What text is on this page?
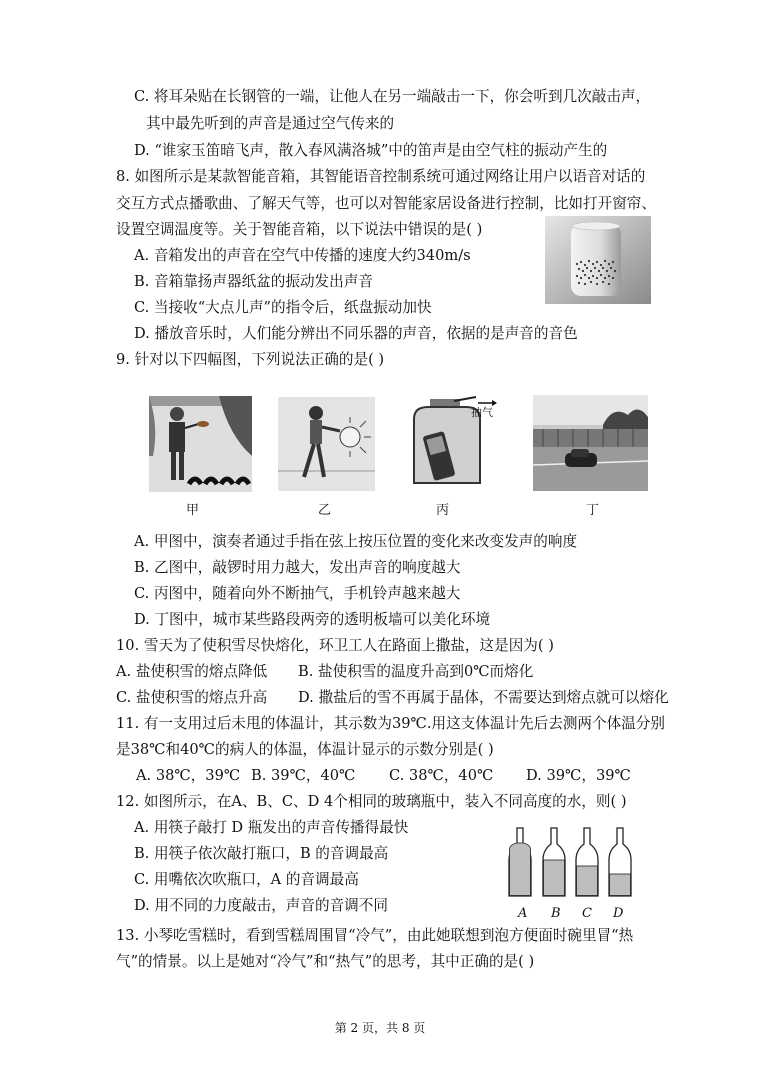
C. 将耳朵贴在长钢管的一端，让他人在另一端敲击一下，你会听到几次敲击声，
其中最先听到的声音是通过空气传来的
D. “谁家玉笛暗飞声，散入春风满洛城”中的笛声是由空气柱的振动产生的
8. 如图所示是某款智能音箱，其智能语音控制系统可通过网络让用户以语音对话的
交互方式点播歌曲、了解天气等，也可以对智能家居设备进行控制，比如打开窗帘、
设置空调温度等。关于智能音箱，以下说法中错误的是( )
A. 音箱发出的声音在空气中传播的速度大约340m/s
B. 音箱靠扬声器纸盆的振动发出声音
C. 当接收“大点儿声”的指令后，纸盘振动加快
D. 播放音乐时，人们能分辨出不同乐器的声音，依据的是声音的音色
9. 针对以下四幅图，下列说法正确的是( )
甲	乙
抽气
丙	丁
A. 甲图中，演奏者通过手指在弦上按压位置的变化来改变发声的响度
B. 乙图中，敲锣时用力越大，发出声音的响度越大
C. 丙图中，随着向外不断抽气，手机铃声越来越大
D. 丁图中，城市某些路段两旁的透明板墙可以美化环境
10. 雪天为了使积雪尽快熔化，环卫工人在路面上撒盐，这是因为( )
A. 盐使积雪的熔点降低 B. 盐使积雪的温度升高到0℃而熔化
C. 盐使积雪的熔点升高 D. 撒盐后的雪不再属于晶体，不需要达到熔点就可以熔化
11. 有一支用过后未甩的体温计，其示数为39℃.用这支体温计先后去测两个体温分别
是38℃和40℃的病人的体温，体温计显示的示数分别是( )
A. 38℃，39℃ B. 39℃，40℃ C. 38℃，40℃ D. 39℃，39℃
12. 如图所示，在A、B、C、D 4个相同的玻璃瓶中，装入不同高度的水，则( )
A. 用筷子敲打 D 瓶发出的声音传播得最快
B. 用筷子依次敲打瓶口，B 的音调最高
C. 用嘴依次吹瓶口，A 的音调最高
D. 用不同的力度敲击，声音的音调不同	A B C D
13. 小琴吃雪糕时，看到雪糕周围冒“冷气”，由此她联想到泡方便面时碗里冒“热
气”的情景。以上是她对“冷气”和“热气”的思考，其中正确的是( )
第 2 页，共 8 页
